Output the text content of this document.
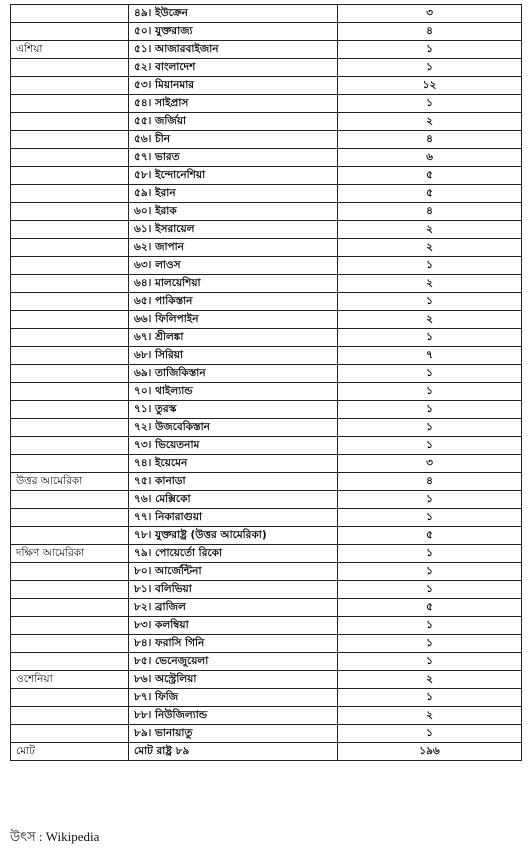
	৪৯। ইউক্রেন	৩
	৫০। যুক্তরাজ্য	৪
এশিয়া	৫১। আজারবাইজান	১
	৫২। বাংলাদেশ	১
	৫৩। মিয়ানমার	১২
	৫৪। সাইপ্রাস	১
	৫৫। জর্জিয়া	২
	৫৬। চীন	৪
	৫৭। ভারত	৬
	৫৮। ইন্দোনেশিয়া	৫
	৫৯। ইরান	৫
	৬০। ইরাক	৪
	৬১। ইসরায়েল	২
	৬২। জাপান	২
	৬৩। লাওস	১
	৬৪। মালয়েশিয়া	২
	৬৫। পাকিস্তান	১
	৬৬। ফিলিপাইন	২
	৬৭। শ্রীলঙ্কা	১
	৬৮। সিরিয়া	৭
	৬৯। তাজিকিস্তান	১
	৭০। থাইল্যান্ড	১
	৭১। তুরস্ক	১
	৭২। উজবেকিস্তান	১
	৭৩। ভিয়েতনাম	১
	৭৪। ইয়েমেন	৩
উত্তর আমেরিকা	৭৫। কানাডা	৪
	৭৬। মেক্সিকো	১
	৭৭। নিকারাগুয়া	১
	৭৮। যুক্তরাষ্ট্র (উত্তর আমেরিকা)	৫
দক্ষিণ আমেরিকা	৭৯। পোয়ের্তো রিকো	১
	৮০। আর্জেন্টিনা	১
	৮১। বলিভিয়া	১
	৮২। ব্রাজিল	৫
	৮৩। কলম্বিয়া	১
	৮৪। ফরাসি গিনি	১
	৮৫। ভেনেজুয়েলা	১
ওশেনিয়া	৮৬। অস্ট্রেলিয়া	২
	৮৭। ফিজি	১
	৮৮। নিউজিল্যান্ড	২
	৮৯। ভানায়াতু	১
মোট	মোট রাষ্ট্র ৮৯	১৯৬
উৎস : Wikipedia
